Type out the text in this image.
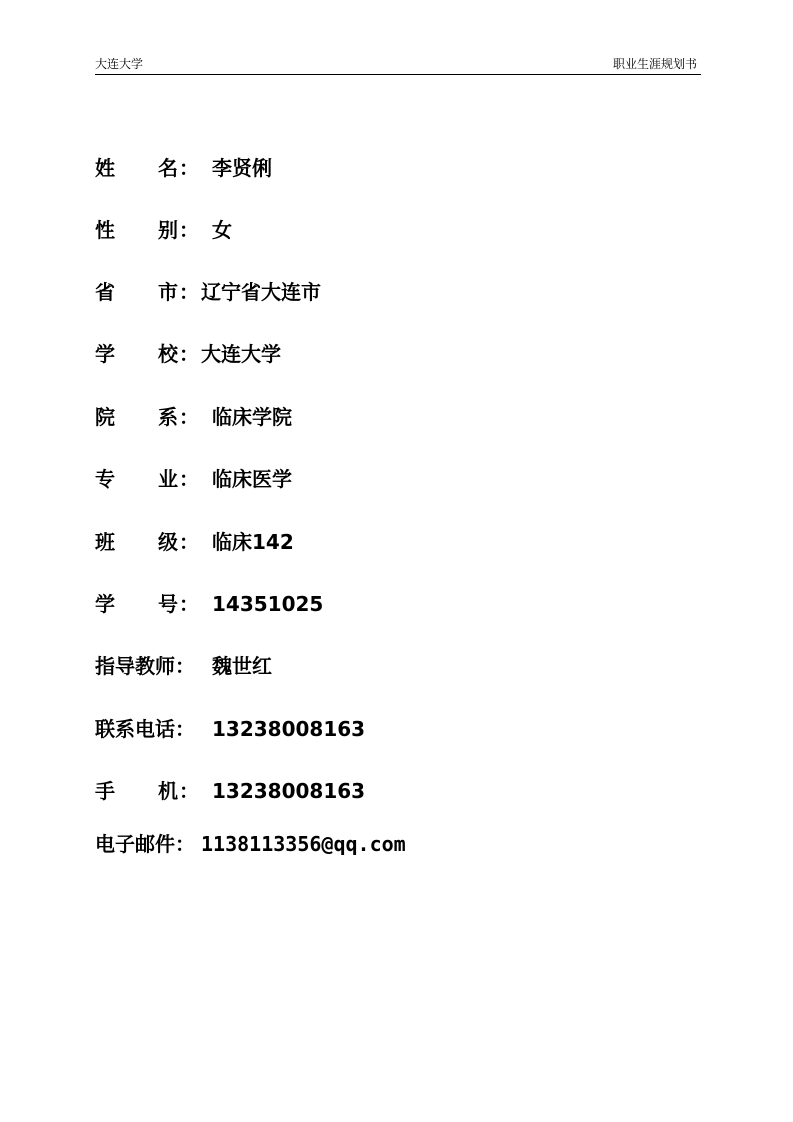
大连大学	职业生涯规划书
姓 名 ： 李贤俐
性 别 ： 女
省 市 ： 辽宁省大连市
学 校 ： 大连大学
院 系 ： 临床学院
专 业 ： 临床医学
班 级 ： 临床142
学 号 ： 14351025
指导教师： 魏世红
联系电话： 13238008163
手 机 ： 13238008163
电子邮件： 1138113356@qq.com
